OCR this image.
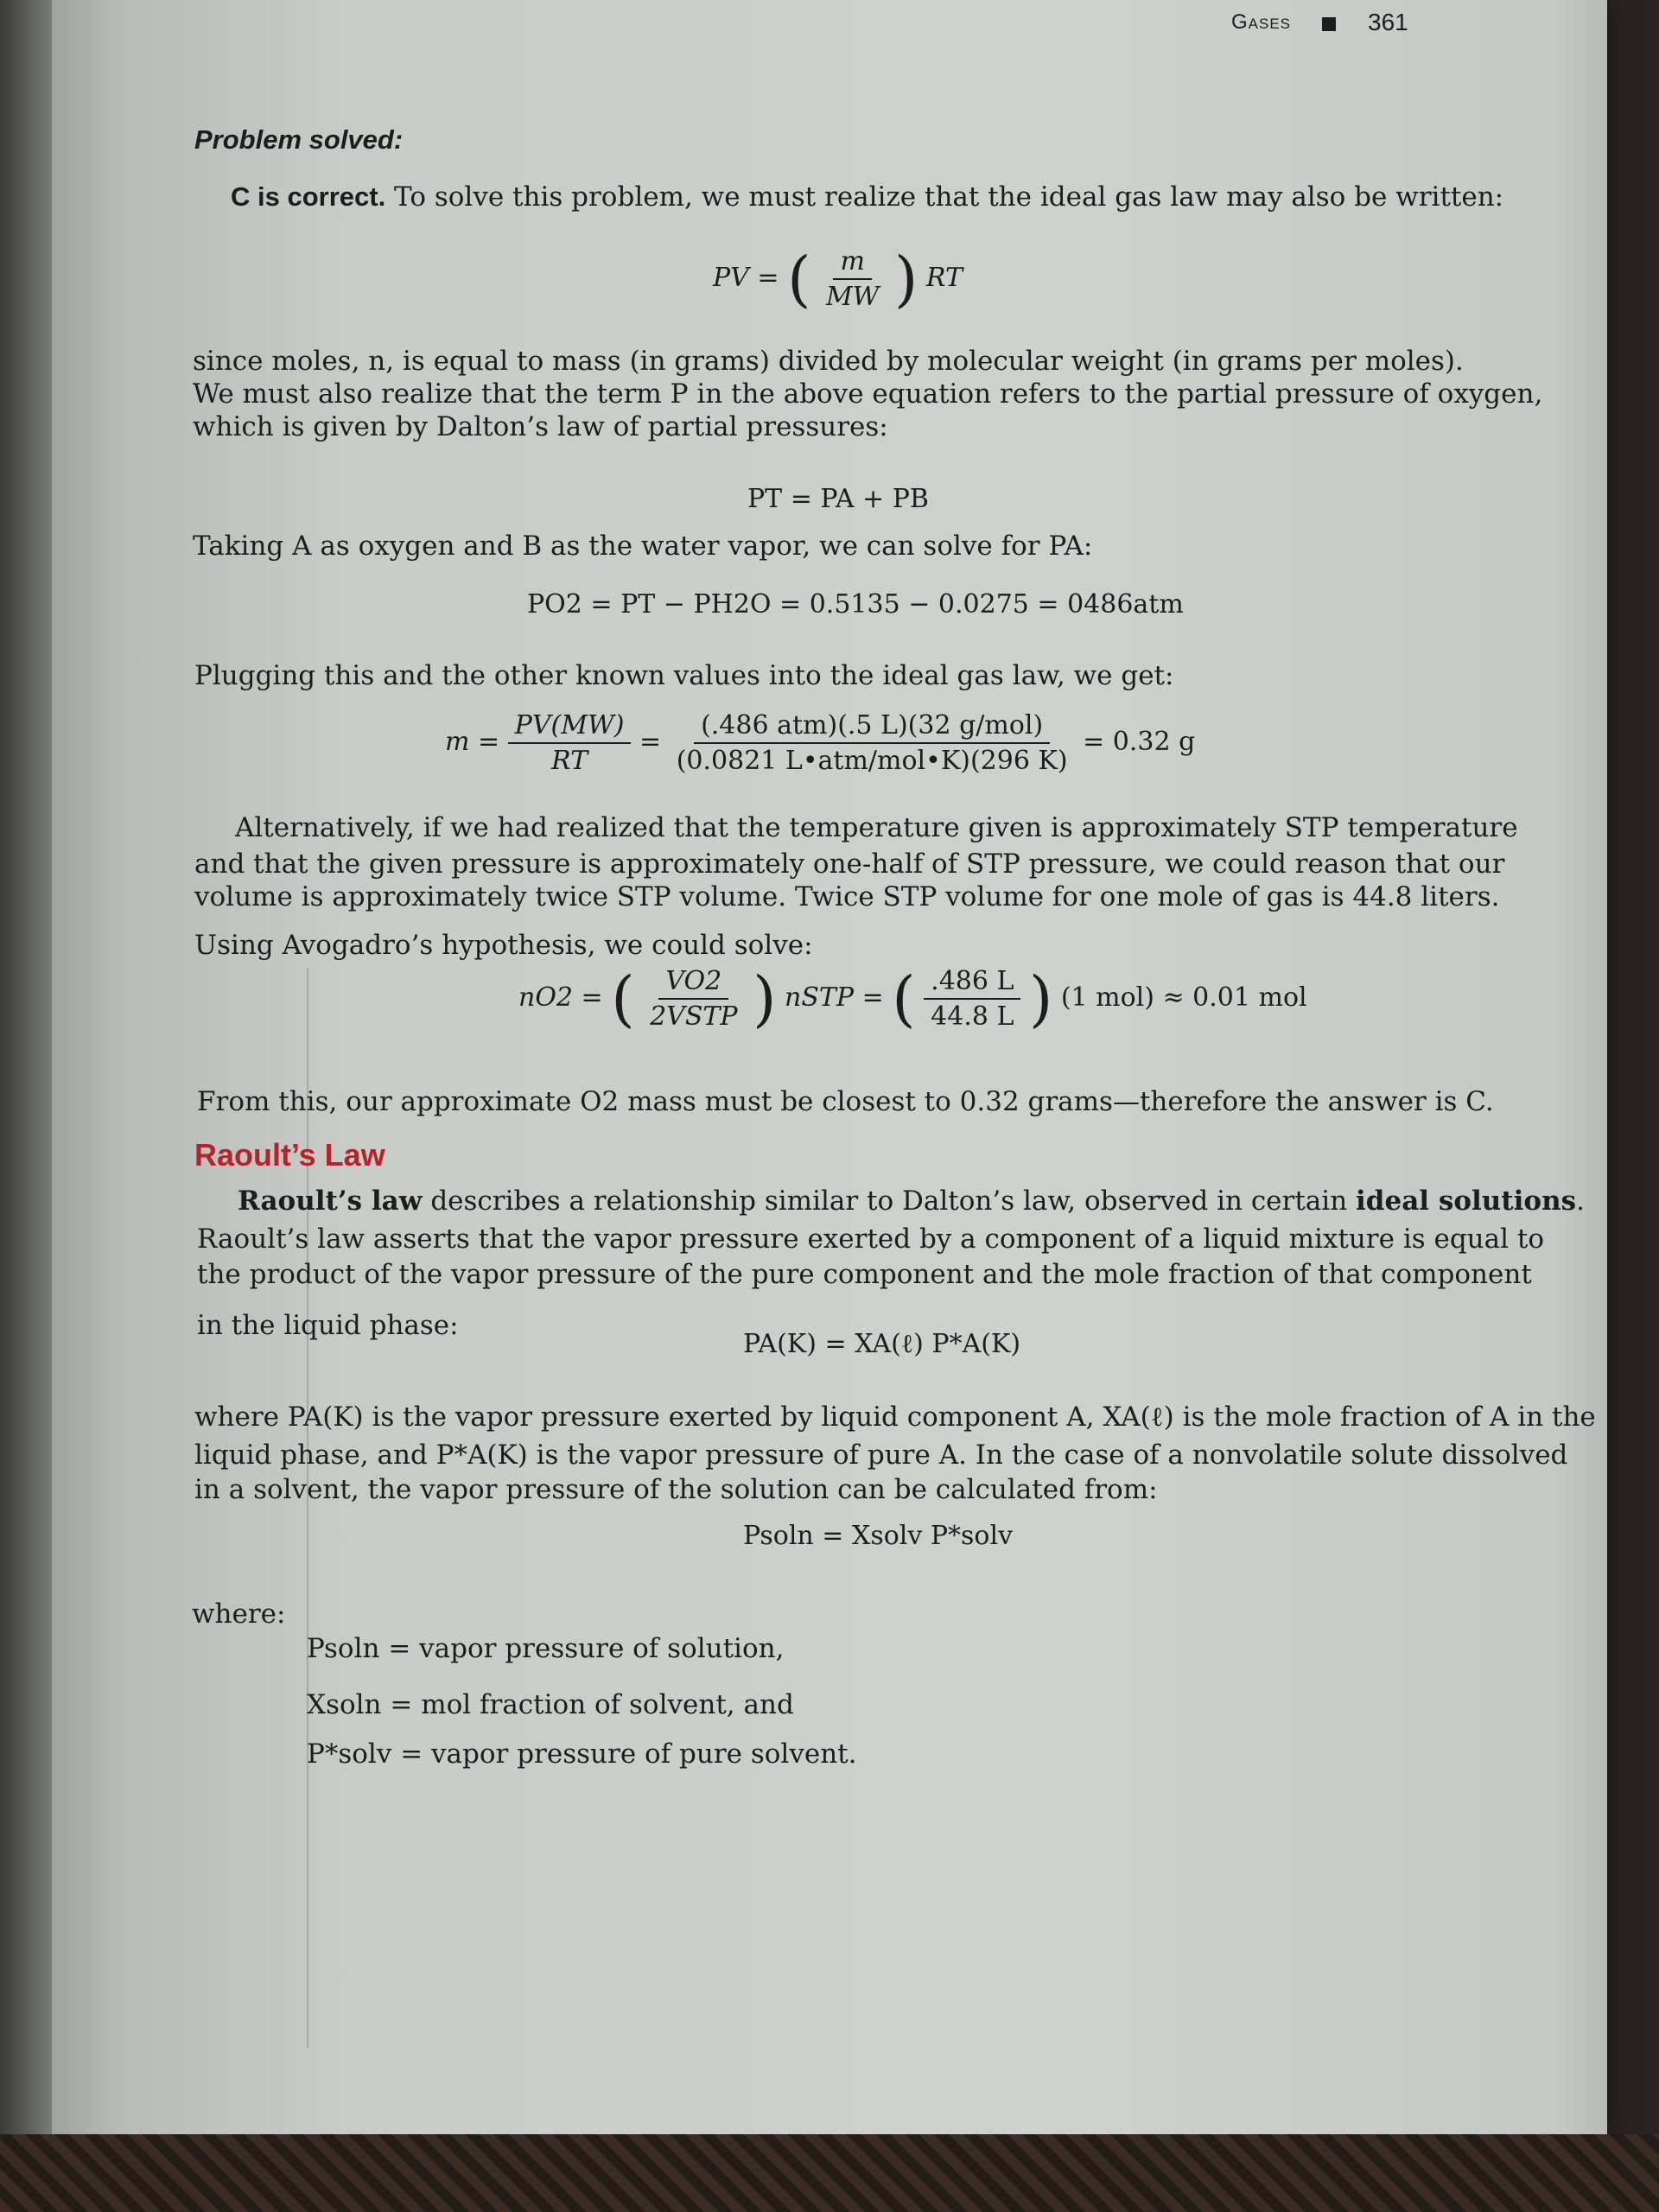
Gases	361
Problem solved:
C is correct. To solve this problem, we must realize that the ideal gas law may also be written:
PV = ( $\frac{m}{MW}$ ) RT
since moles, n, is equal to mass (in grams) divided by molecular weight (in grams per moles).
We must also realize that the term P in the above equation refers to the partial pressure of oxygen,
which is given by Dalton’s law of partial pressures:
PT = PA + PB
Taking A as oxygen and B as the water vapor, we can solve for PA:
PO2 = PT − PH2O = 0.5135 − 0.0275 = 0486atm
Plugging this and the other known values into the ideal gas law, we get:
$m = \frac{PV(MW)}{RT} = \frac{\text{(.486 atm)(.5 L)(32 g/mol)}}{\text{(0.0821 L•atm/mol•K)(296 K)}} = 0.32$ g
Alternatively, if we had realized that the temperature given is approximately STP temperature
and that the given pressure is approximately one-half of STP pressure, we could reason that our
volume is approximately twice STP volume. Twice STP volume for one mole of gas is 44.8 liters.
Using Avogadro’s hypothesis, we could solve:
nO2 = ( $\frac{VO2}{\text{2VSTP}}$ ) nSTP = ( $\frac{.486 L}{44.8 L}$ ) (1 mol) ≈ 0.01 mol
From this, our approximate O2 mass must be closest to 0.32 grams—therefore the answer is C.
Raoult’s Law
Raoult’s law describes a relationship similar to Dalton’s law, observed in certain ideal solutions.
Raoult’s law asserts that the vapor pressure exerted by a component of a liquid mixture is equal to
the product of the vapor pressure of the pure component and the mole fraction of that component
in the liquid phase:
PA(K) = XA(ℓ) P*A(K)
where PA(K) is the vapor pressure exerted by liquid component A, XA(ℓ) is the mole fraction of A in the
liquid phase, and P*A(K) is the vapor pressure of pure A. In the case of a nonvolatile solute dissolved
in a solvent, the vapor pressure of the solution can be calculated from:
Psoln = Xsolv P*solv
where:
Psoln = vapor pressure of solution,
Xsoln = mol fraction of solvent, and
P*solv = vapor pressure of pure solvent.
